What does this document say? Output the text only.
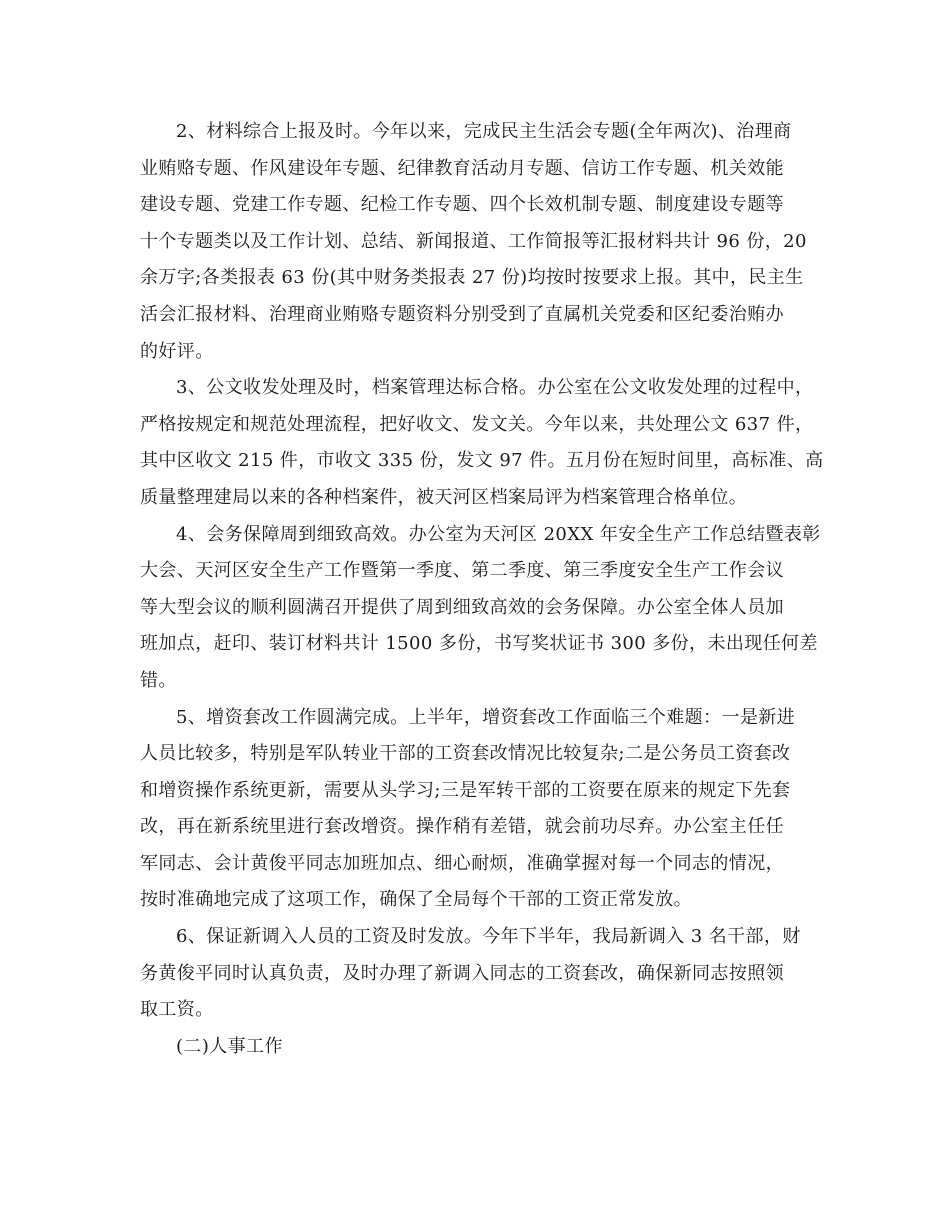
2、材料综合上报及时。今年以来，完成民主生活会专题(全年两次)、治理商
业贿赂专题、作风建设年专题、纪律教育活动月专题、信访工作专题、机关效能
建设专题、党建工作专题、纪检工作专题、四个长效机制专题、制度建设专题等
十个专题类以及工作计划、总结、新闻报道、工作简报等汇报材料共计 96 份，20
余万字;各类报表 63 份(其中财务类报表 27 份)均按时按要求上报。其中，民主生
活会汇报材料、治理商业贿赂专题资料分别受到了直属机关党委和区纪委治贿办
的好评。
3、公文收发处理及时，档案管理达标合格。办公室在公文收发处理的过程中，
严格按规定和规范处理流程，把好收文、发文关。今年以来，共处理公文 637 件，
其中区收文 215 件，市收文 335 份，发文 97 件。五月份在短时间里，高标准、高
质量整理建局以来的各种档案件，被天河区档案局评为档案管理合格单位。
4、会务保障周到细致高效。办公室为天河区 20XX 年安全生产工作总结暨表彰
大会、天河区安全生产工作暨第一季度、第二季度、第三季度安全生产工作会议
等大型会议的顺利圆满召开提供了周到细致高效的会务保障。办公室全体人员加
班加点，赶印、装订材料共计 1500 多份，书写奖状证书 300 多份，未出现任何差
错。
5、增资套改工作圆满完成。上半年，增资套改工作面临三个难题：一是新进
人员比较多，特别是军队转业干部的工资套改情况比较复杂;二是公务员工资套改
和增资操作系统更新，需要从头学习;三是军转干部的工资要在原来的规定下先套
改，再在新系统里进行套改增资。操作稍有差错，就会前功尽弃。办公室主任任
军同志、会计黄俊平同志加班加点、细心耐烦，准确掌握对每一个同志的情况，
按时准确地完成了这项工作，确保了全局每个干部的工资正常发放。
6、保证新调入人员的工资及时发放。今年下半年，我局新调入 3 名干部，财
务黄俊平同时认真负责，及时办理了新调入同志的工资套改，确保新同志按照领
取工资。
(二)人事工作
